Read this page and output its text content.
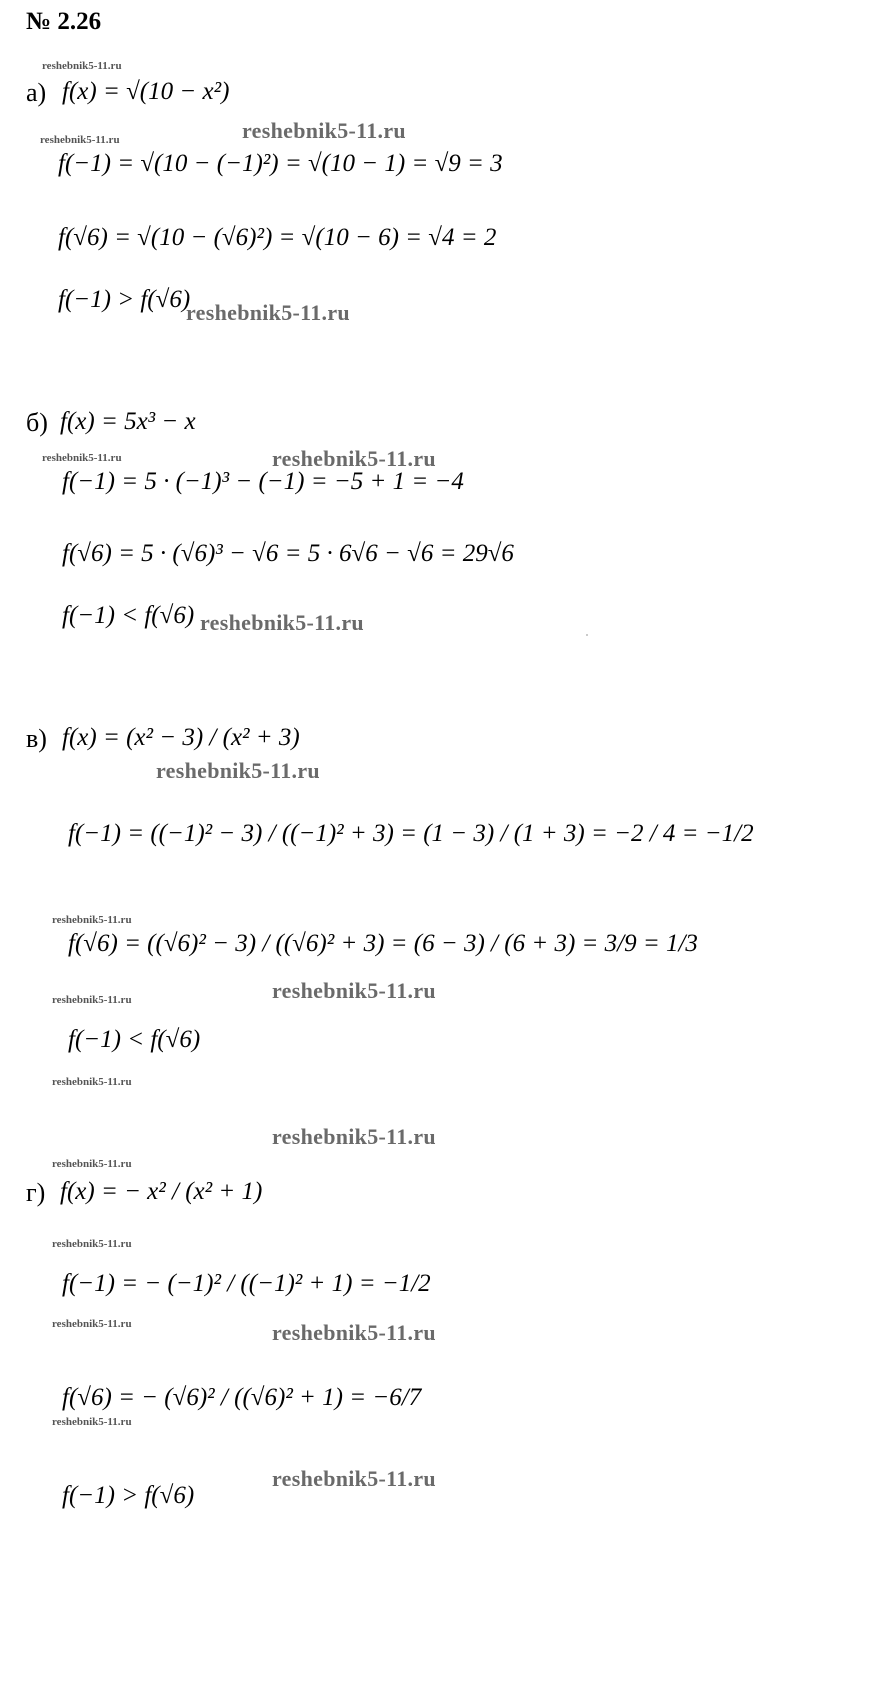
№ 2.26
reshebnik5-11.ru
а) f(x) = √(10 − x²)
reshebnik5-11.ru	reshebnik5-11.ru
f(−1) = √(10 − (−1)²) = √(10 − 1) = √9 = 3
f(√6) = √(10 − (√6)²) = √(10 − 6) = √4 = 2
f(−1) > f(√6)
reshebnik5-11.ru
б) f(x) = 5x³ − x
reshebnik5-11.ru	reshebnik5-11.ru
f(−1) = 5 · (−1)³ − (−1) = −5 + 1 = −4
f(√6) = 5 · (√6)³ − √6 = 5 · 6√6 − √6 = 29√6
f(−1) < f(√6) reshebnik5-11.ru
в) f(x) = (x² − 3) / (x² + 3)
reshebnik5-11.ru
f(−1) = ((−1)² − 3) / ((−1)² + 3) = (1 − 3) / (1 + 3) = −2 / 4 = −1/2
reshebnik5-11.ru
f(√6) = ((√6)² − 3) / ((√6)² + 3) = (6 − 3) / (6 + 3) = 3/9 = 1/3
reshebnik5-11.ru
reshebnik5-11.ru
f(−1) < f(√6)
reshebnik5-11.ru
reshebnik5-11.ru
reshebnik5-11.ru
г) f(x) = − x² / (x² + 1)
reshebnik5-11.ru
f(−1) = − (−1)² / ((−1)² + 1) = −1/2
reshebnik5-11.ru	reshebnik5-11.ru
f(√6) = − (√6)² / ((√6)² + 1) = −6/7
reshebnik5-11.ru
reshebnik5-11.ru
f(−1) > f(√6)
